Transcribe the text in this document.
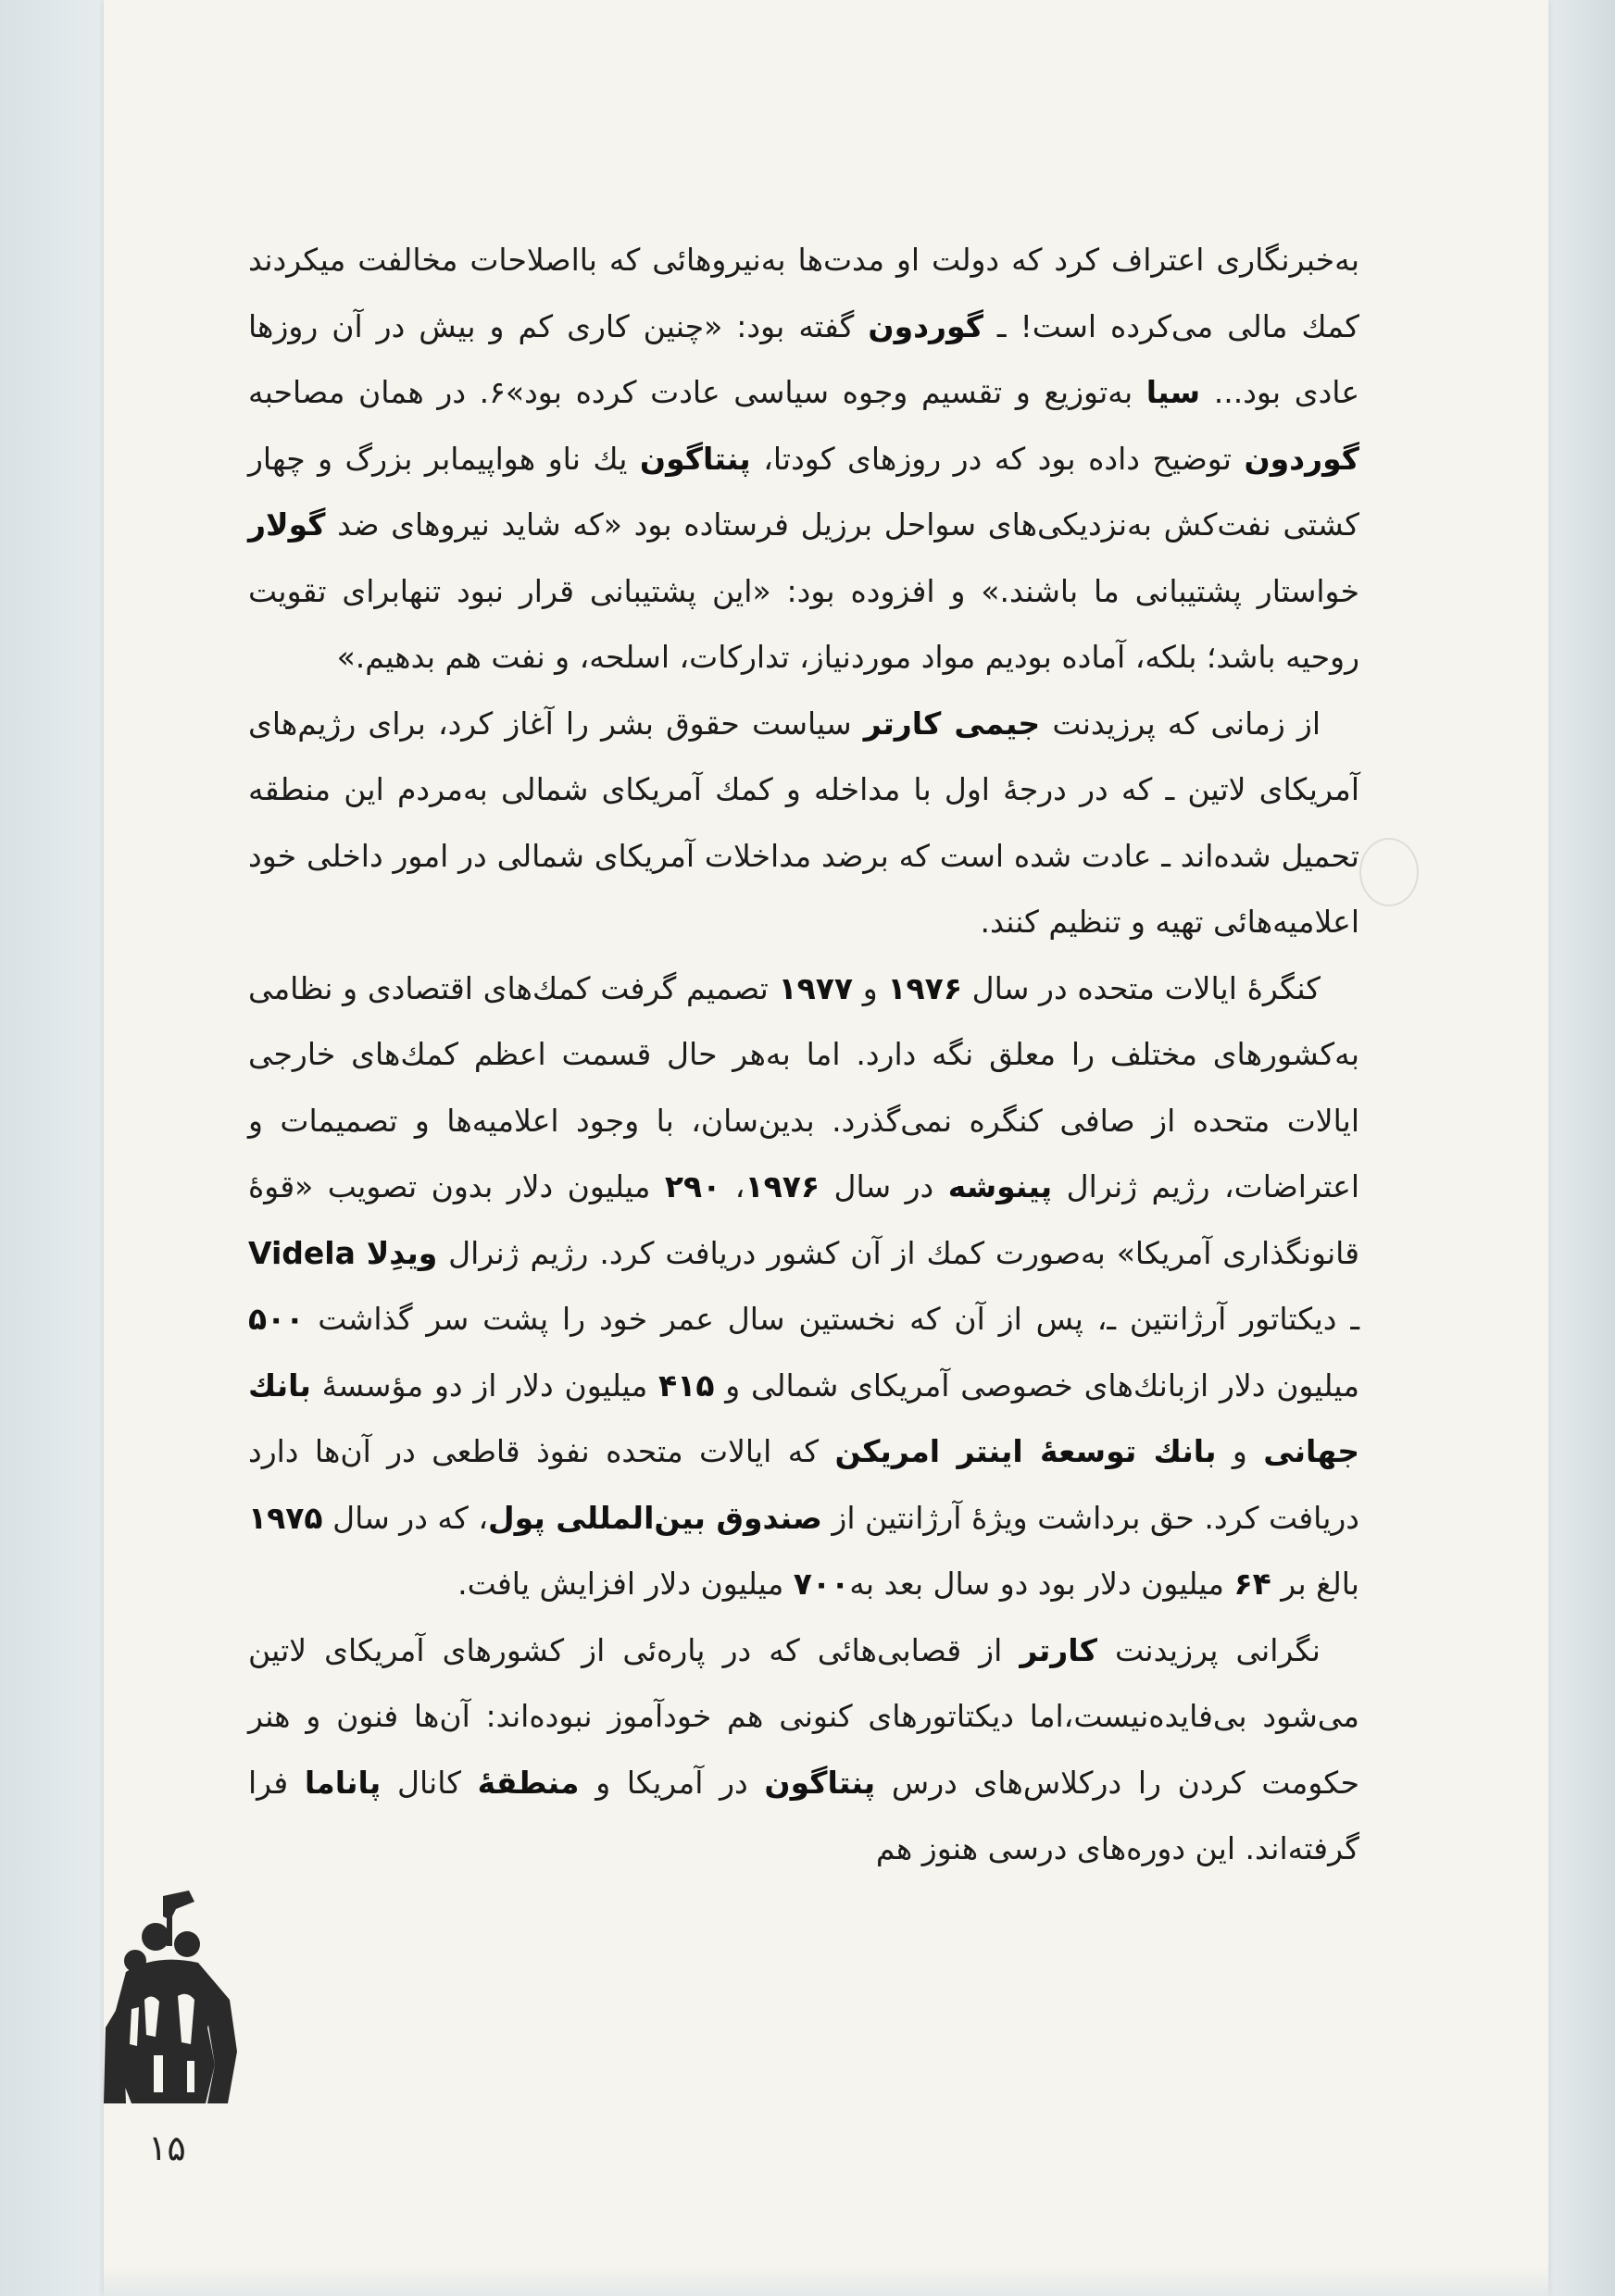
به‌خبرنگاری اعتراف کرد که دولت او مدت‌ها به‌نیروهائی که بااصلاحات مخالفت میکردند کمك مالی می‌کرده است! ـ گوردون گفته بود: «چنین کاری کم و بیش در آن روزها عادی بود... سیا به‌توزیع و تقسیم وجوه سیاسی عادت کرده بود»۶. در همان مصاحبه گوردون توضیح داده بود که در روزهای کودتا، پنتاگون یك ناو هواپیمابر بزرگ و چهار کشتی نفت‌کش به‌نزدیکی‌های سواحل برزیل فرستاده بود «که شاید نیروهای ضد گولار خواستار پشتیبانی ما باشند.» و افزوده بود: «این پشتیبانی قرار نبود تنهابرای تقویت روحیه باشد؛ بلکه، آماده بودیم مواد موردنیاز، تدارکات، اسلحه، و نفت هم بدهیم.»

از زمانی که پرزیدنت جیمی کارتر سیاست حقوق بشر را آغاز کرد، برای رژیم‌های آمریکای لاتین ـ که در درجهٔ اول با مداخله و کمك آمریکای شمالی به‌مردم این منطقه تحمیل شده‌اند ـ عادت شده است که برضد مداخلات آمریکای شمالی در امور داخلی خود اعلامیه‌هائی تهیه و تنظیم کنند.

کنگرهٔ ایالات متحده در سال ۱۹۷۶ و ۱۹۷۷ تصمیم گرفت کمك‌های اقتصادی و نظامی به‌کشورهای مختلف را معلق نگه دارد. اما به‌هر حال قسمت اعظم کمك‌های خارجی ایالات متحده از صافی کنگره نمی‌گذرد. بدین‌سان، با وجود اعلامیه‌ها و تصمیمات و اعتراضات، رژیم ژنرال پینوشه در سال ۱۹۷۶، ۲۹۰ میلیون دلار بدون تصویب «قوهٔ قانونگذاری آمریکا» به‌صورت کمك از آن کشور دریافت کرد. رژیم ژنرال ویدِلا Videla ـ دیکتاتور آرژانتین ـ، پس از آن که نخستین سال عمر خود را پشت سر گذاشت ۵۰۰ میلیون دلار ازبانك‌های خصوصی آمریکای شمالی و ۴۱۵ میلیون دلار از دو مؤسسهٔ بانك جهانی و بانك توسعهٔ اینتر امریکن که ایالات متحده نفوذ قاطعی در آن‌ها دارد دریافت کرد. حق برداشت ویژهٔ آرژانتین از صندوق بین‌المللی پول، که در سال ۱۹۷۵ بالغ بر ۶۴ میلیون دلار بود دو سال بعد به۷۰۰ میلیون دلار افزایش یافت.

نگرانی پرزیدنت کارتر از قصابی‌هائی که در پاره‌ئی از کشورهای آمریکای لاتین می‌شود بی‌فایده‌نیست،اما دیکتاتورهای کنونی هم خودآموز نبوده‌اند: آن‌ها فنون و هنر حکومت کردن را درکلاس‌های درس پنتاگون در آمریکا و منطقهٔ کانال پاناما فرا گرفته‌اند. این دوره‌های درسی هنوز هم

۱۵
